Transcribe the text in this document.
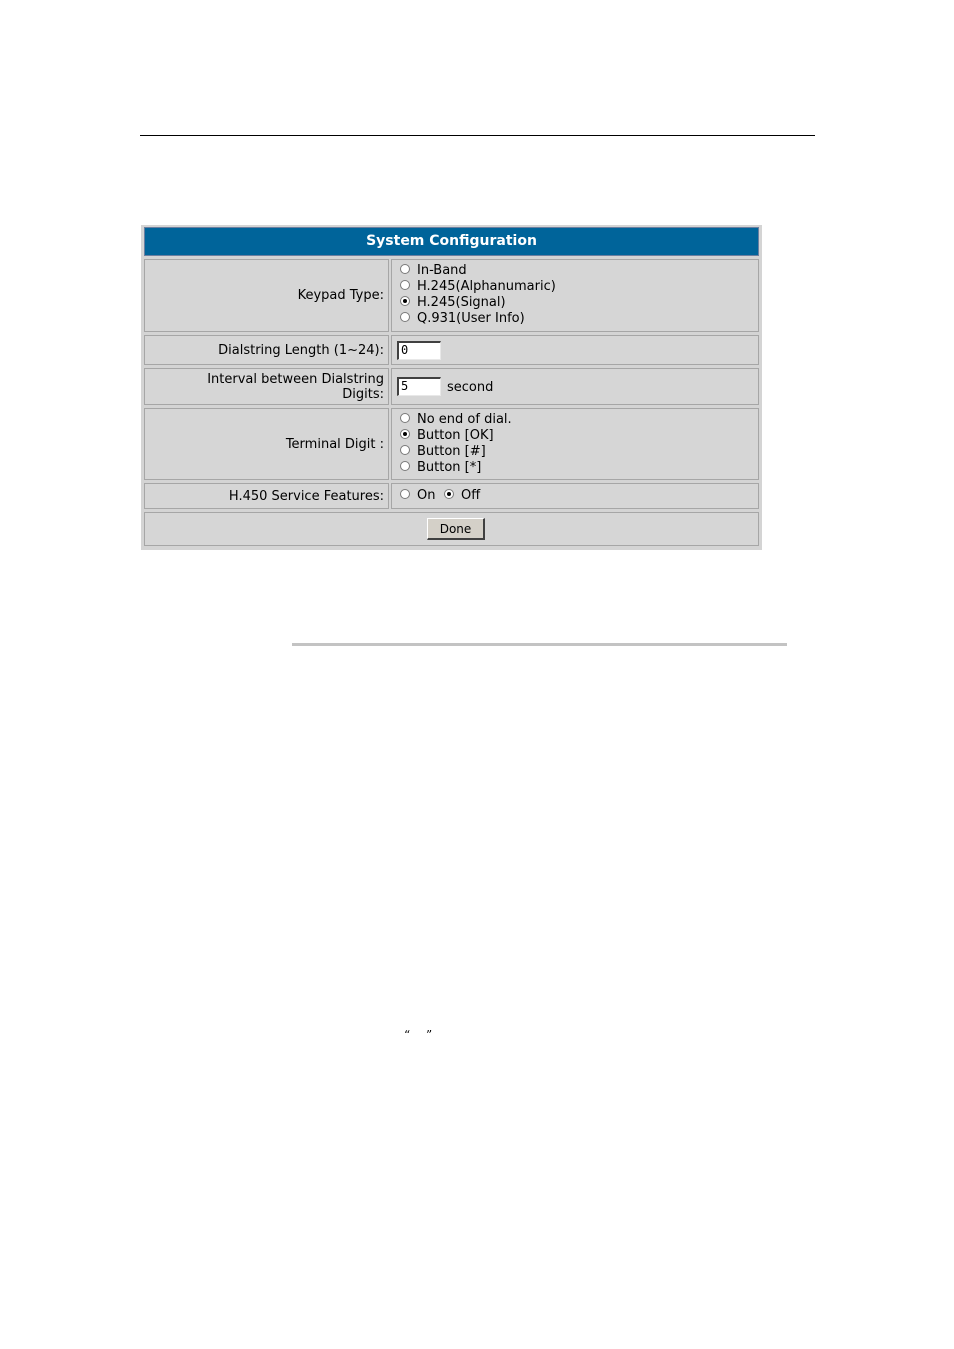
System Configuration
Keypad Type:
In-Band
H.245(Alphanumaric)
H.245(Signal)
Q.931(User Info)
Dialstring Length (1~24):	0
Interval between Dialstring
Digits:
5	second
Terminal Digit :
No end of dial.
Button [OK]
Button [#]
Button [*]
H.450 Service Features:	On	Off
Done
“ ”
